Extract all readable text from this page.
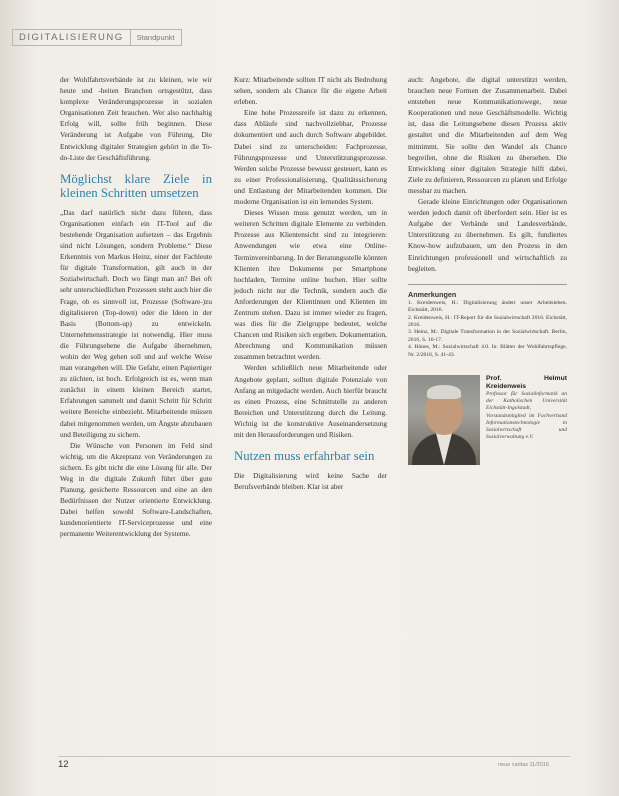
DIGITALISIERUNG	Standpunkt

der Wohlfahrtsverbände ist zu kleinen, wie wir heute und -heiten Branchen ortsgestützt, dass komplexe Veränderungsprozesse in sozialen Organisationen Zeit brauchen. Wer also nachhaltig Erfolg will, sollte früh beginnen. Diese Veränderung ist Aufgabe von Führung. Die Entwicklung digitaler Strategien gehört in die To-do-Liste der Geschäftsführung.

Möglichst klare Ziele in kleinen Schritten umsetzen

„Das darf natürlich nicht dazu führen, dass Organisationen einfach ein IT-Tool auf die bestehende Organisation aufsetzen – das Ergebnis sind nicht Lösungen, sondern Probleme.“ Diese Erkenntnis von Markus Heinz, einer der Fachleute für digitale Transformation, gilt auch in der Sozialwirtschaft. Doch wo fängt man an? Bei oft sehr unterschiedlichen Prozessen steht auch hier die Frage, ob es sinnvoll ist, Prozesse (Software-)zu digitalisieren (Top-down) oder die Ideen in der Basis (Bottom-up) zu entwickeln. Unternehmensstrategie ist notwendig. Hier muss die Führungsebene die Aufgabe übernehmen, wohin der Weg gehen soll und auf welche Weise man vorangehen will. Die Gefahr, einen Papiertiger zu züchten, ist hoch. Erfolgreich ist es, wenn man zunächst in einem kleinen Bereich startet, Erfahrungen sammelt und damit Schritt für Schritt weitere Bereiche einbezieht. Mitarbeitende müssen dabei mitgenommen werden, um Ängste abzubauen und Beteiligung zu sichern.

Die Wünsche von Personen im Feld sind wichtig, um die Akzeptanz von Veränderungen zu sichern. Es gibt nicht die eine Lösung für alle. Der Weg in die digitale Zukunft führt über gute Planung, gesicherte Ressourcen und eine an den Bedürfnissen der Nutzer orientierte Entwicklung. Dabei helfen sowohl Software-Landschaften, kundenorientierte IT-Serviceprozesse und eine permanente Weiterentwicklung der Systeme.

Kurz: Mitarbeitende sollten IT nicht als Bedrohung sehen, sondern als Chance für die eigene Arbeit erleben.

Eine hohe Prozessreife ist dazu zu erkennen, dass Abläufe sind nachvollziehbar, Prozesse dokumentiert und auch durch Software abgebildet. Dabei sind zu unterscheiden: Fachprozesse, Führungsprozesse und Unterstützungsprozesse. Werden solche Prozesse bewusst gesteuert, kann es zu einer Professionalisierung, Qualitätssicherung und Entlastung der Mitarbeitenden kommen. Die moderne Organisation ist ein lernendes System.

Dieses Wissen muss genutzt werden, um in weiteren Schritten digitale Elemente zu verbinden. Prozesse aus Klientensicht sind zu integrieren: Anwendungen wie etwa eine Online-Terminvereinbarung. In der Beratungsstelle könnten Klienten ihre Dokumente per Smartphone hochladen, Termine online buchen. Hier sollte jedoch nicht nur die Technik, sondern auch die Anforderungen der Klientinnen und Klienten im Zentrum stehen. Dazu ist immer wieder zu fragen, was dies für die Zielgruppe bedeutet, welche Chancen und Risiken sich ergeben. Dokumentation, Abrechnung und Kommunikation müssen zusammen betrachtet werden.

Werden schließlich neue Mitarbeitende oder Angebote geplant, sollten digitale Potenziale von Anfang an mitgedacht werden. Auch hierfür braucht es einen Prozess, eine Schnittstelle zu anderen Bereichen und Unterstützung durch die Leitung. Wichtig ist die konstruktive Auseinandersetzung mit den Herausforderungen und Risiken.

Nutzen muss erfahrbar sein

Die Digitalisierung wird keine Sache der Berufsverbände bleiben. Klar ist aber

auch: Angebote, die digital unterstützt werden, brauchen neue Formen der Zusammenarbeit. Dabei entstehen neue Kommunikationswege, neue Kooperationen und neue Geschäftsmodelle. Wichtig ist, dass die Leitungsebene diesen Prozess aktiv gestaltet und die Mitarbeitenden auf dem Weg mitnimmt. Sie sollte den Wandel als Chance begreifen, ohne die Risiken zu übersehen. Die Entwicklung einer digitalen Strategie hilft dabei, Ziele zu definieren, Ressourcen zu planen und Erfolge messbar zu machen.

Gerade kleine Einrichtungen oder Organisationen werden jedoch damit oft überfordert sein. Hier ist es Aufgabe der Verbände und Landesverbände, Unterstützung zu übernehmen. Es gilt, fundiertes Know-how aufzubauen, um den Prozess in den Einrichtungen professionell und wirtschaftlich zu begleiten.

Anmerkungen

1. Kreidenweis, H.: Digitalisierung ändert unser Arbeitsleben. Eichstätt, 2016.

2. Kreidenweis, H.: IT-Report für die Sozialwirtschaft 2016. Eichstätt, 2016.

3. Heinz, M.: Digitale Transformation in der Sozialwirtschaft. Berlin, 2016, S. 16-17.

4. Hönes, M.: Sozialwirtschaft 4.0. In: Blätter der Wohlfahrtspflege, Nr. 2/2016, S. 41-43.

Prof. Helmut Kreidenweis
Professor für Sozialinformatik an der Katholischen Universität Eichstätt-Ingolstadt, Vorstandsmitglied im Fachverband Informationstechnologie in Sozialwirtschaft und Sozialverwaltung e.V.
12	neue caritas 11/2016
